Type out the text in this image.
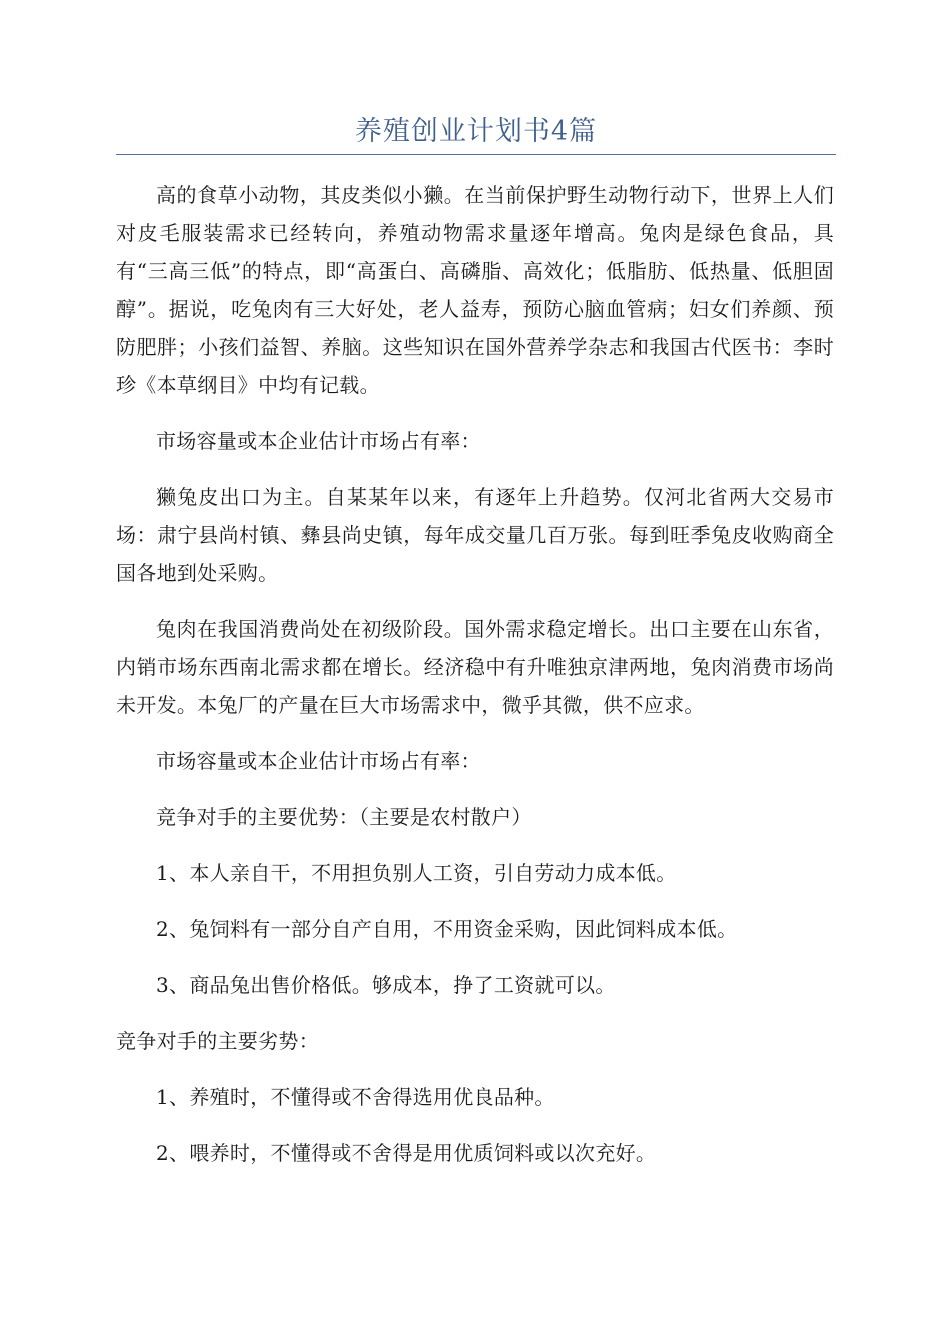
养殖创业计划书4篇

高的食草小动物，其皮类似小獭。在当前保护野生动物行动下，世界上人们对皮毛服装需求已经转向，养殖动物需求量逐年增高。兔肉是绿色食品，具有“三高三低”的特点，即“高蛋白、高磷脂、高效化；低脂肪、低热量、低胆固醇”。据说，吃兔肉有三大好处，老人益寿，预防心脑血管病；妇女们养颜、预防肥胖；小孩们益智、养脑。这些知识在国外营养学杂志和我国古代医书：李时珍《本草纲目》中均有记载。

市场容量或本企业估计市场占有率：

獭兔皮出口为主。自某某年以来，有逐年上升趋势。仅河北省两大交易市场：肃宁县尚村镇、彝县尚史镇，每年成交量几百万张。每到旺季兔皮收购商全国各地到处采购。

兔肉在我国消费尚处在初级阶段。国外需求稳定增长。出口主要在山东省，内销市场东西南北需求都在增长。经济稳中有升唯独京津两地，兔肉消费市场尚未开发。本兔厂的产量在巨大市场需求中，微乎其微，供不应求。

市场容量或本企业估计市场占有率：

竞争对手的主要优势：（主要是农村散户）

1、本人亲自干，不用担负别人工资，引自劳动力成本低。

2、兔饲料有一部分自产自用，不用资金采购，因此饲料成本低。

3、商品兔出售价格低。够成本，挣了工资就可以。

竞争对手的主要劣势：

1、养殖时，不懂得或不舍得选用优良品种。

2、喂养时，不懂得或不舍得是用优质饲料或以次充好。
